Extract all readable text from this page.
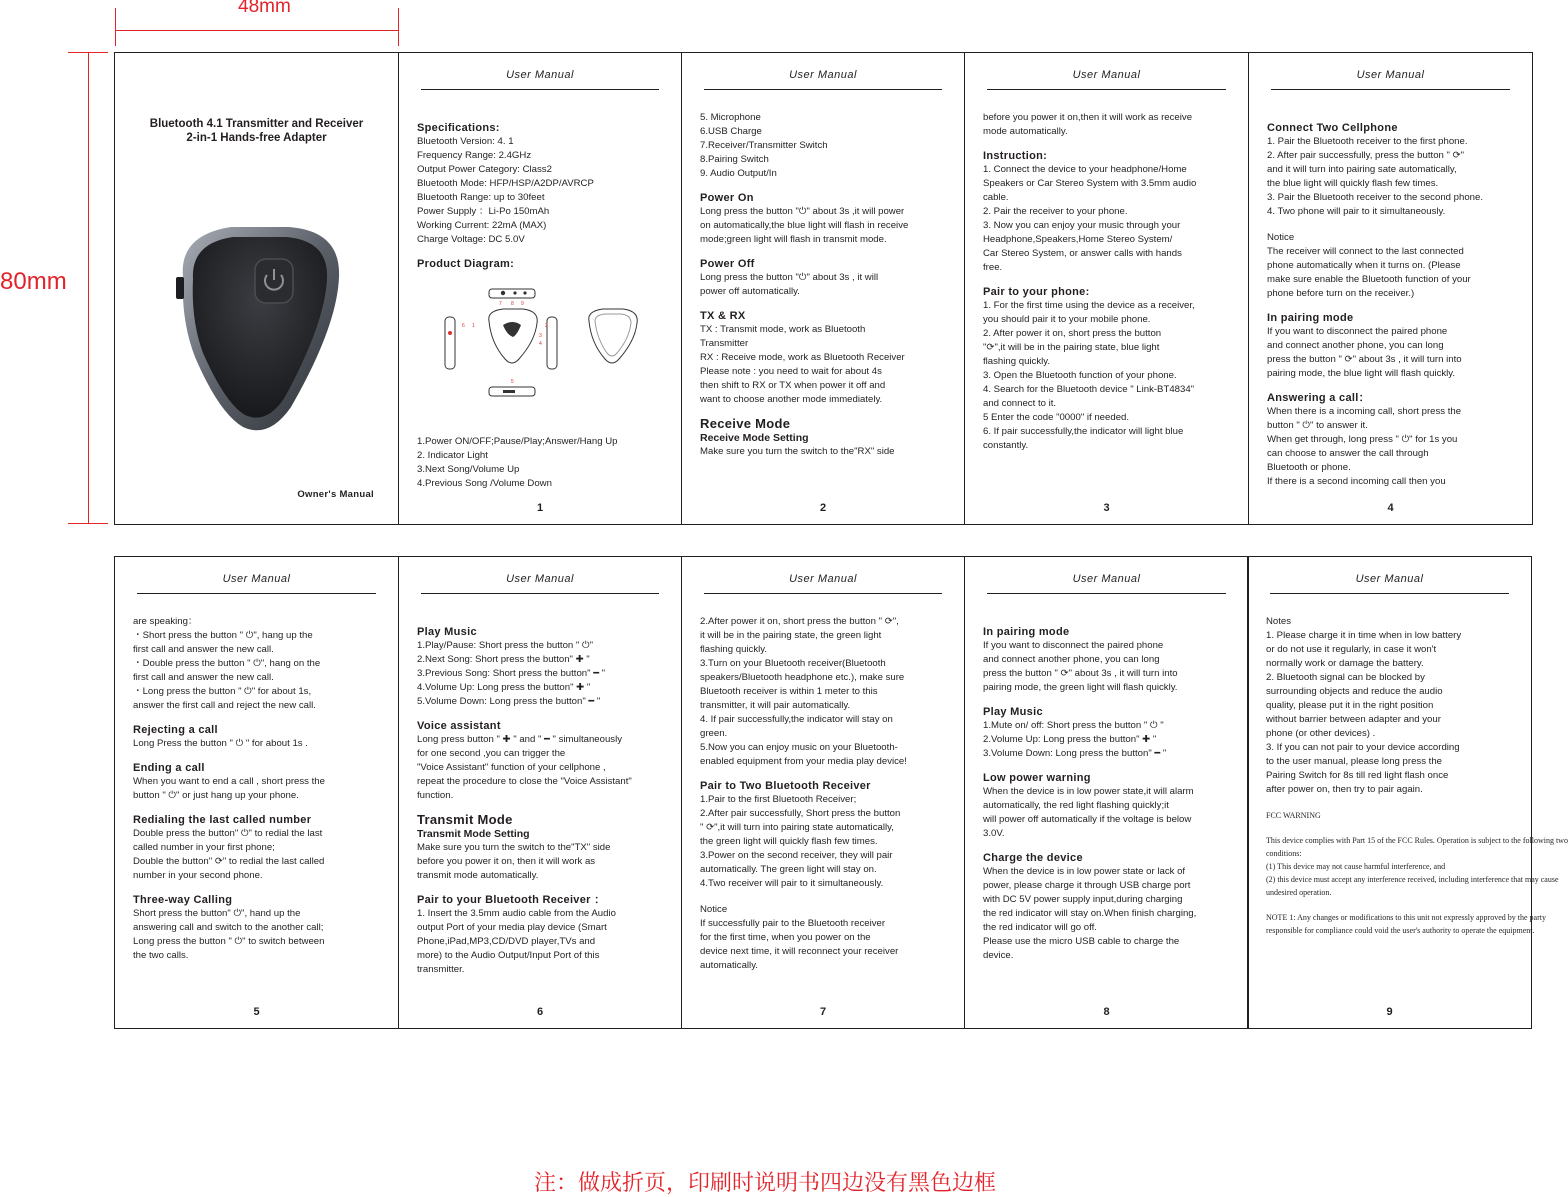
48mm
80mm
Bluetooth 4.1 Transmitter and Receiver
2-in-1 Hands-free Adapter
Owner's Manual
User Manual

Specifications:

Bluetooth Version: 4. 1

Frequency Range: 2.4GHz

Output Power Category: Class2

Bluetooth Mode: HFP/HSP/A2DP/AVRCP

Bluetooth Range: up to 30feet

Power Supply ：Li-Po 150mAh

Working Current: 22mA (MAX)

Charge Voltage: DC 5.0V

Product Diagram:

7 8 9
6 1	2
3
4
5

1.Power ON/OFF;Pause/Play;Answer/Hang Up

2. Indicator Light

3.Next Song/Volume Up

4.Previous Song /Volume Down

1
User Manual

5. Microphone

6.USB Charge

7.Receiver/Transmitter Switch

8.Pairing Switch

9. Audio Output/In

Power On

Long press the button "⏻" about 3s ,it will power

on automatically,the blue light will flash in receive

mode;green light will flash in transmit mode.

Power Off

Long press the button "⏻" about 3s , it will

power off automatically.

TX & RX

TX : Transmit mode, work as Bluetooth

Transmitter

RX : Receive mode, work as Bluetooth Receiver

Please note : you need to wait for about 4s

then shift to RX or TX when power it off and

want to choose another mode immediately.

Receive Mode

Receive Mode Setting

Make sure you turn the switch to the"RX" side

2
User Manual

before you power it on,then it will work as receive

mode automatically.

Instruction:

1. Connect the device to your headphone/Home

Speakers or Car Stereo System with 3.5mm audio

cable.

2. Pair the receiver to your phone.

3. Now you can enjoy your music through your

Headphone,Speakers,Home Stereo System/

Car Stereo System, or answer calls with hands

free.

Pair to your phone:

1. For the first time using the device as a receiver,

you should pair it to your mobile phone.

2. After power it on, short press the button

"⟳",it will be in the pairing state, blue light

flashing quickly.

3. Open the Bluetooth function of your phone.

4. Search for the Bluetooth device " Link-BT4834"

and connect to it.

5 Enter the code "0000" if needed.

6. If pair successfully,the indicator will light blue

constantly.

3
User Manual

Connect Two Cellphone

1. Pair the Bluetooth receiver to the first phone.

2. After pair successfully, press the button " ⟳"

and it will turn into pairing sate automatically,

the blue light will quickly flash few times.

3. Pair the Bluetooth receiver to the second phone.

4. Two phone will pair to it simultaneously.

Notice

The receiver will connect to the last connected

phone automatically when it turns on. (Please

make sure enable the Bluetooth function of your

phone before turn on the receiver.)

In pairing mode

If you want to disconnect the paired phone

and connect another phone, you can long

press the button " ⟳" about 3s , it will turn into

pairing mode, the blue light will flash quickly.

Answering a call：

When there is a incoming call, short press the

button " ⏻" to answer it.

When get through, long press " ⏻" for 1s you

can choose to answer the call through

Bluetooth or phone.

If there is a second incoming call then you

4
User Manual

are speaking：

・Short press the button " ⏻", hang up the

first call and answer the new call.

・Double press the button " ⏻", hang on the

first call and answer the new call.

・Long press the button " ⏻" for about 1s,

answer the first call and reject the new call.

Rejecting a call

Long Press the button " ⏻ " for about 1s .

Ending a call

When you want to end a call , short press the

button " ⏻" or just hang up your phone.

Redialing the last called number

Double press the button" ⏻" to redial the last

called number in your first phone;

Double the button" ⟳" to redial the last called

number in your second phone.

Three-way Calling

Short press the button" ⏻", hand up the

answering call and switch to the another call;

Long press the button " ⏻" to switch between

the two calls.

5
User Manual

Play Music

1.Play/Pause: Short press the button " ⏻"

2.Next Song: Short press the button" ✚ "

3.Previous Song: Short press the button" ━ "

4.Volume Up: Long press the button" ✚ "

5.Volume Down: Long press the button" ━ "

Voice assistant

Long press button " ✚ " and " ━ " simultaneously

for one second ,you can trigger the

"Voice Assistant" function of your cellphone ,

repeat the procedure to close the "Voice Assistant"

function.

Transmit Mode

Transmit Mode Setting

Make sure you turn the switch to the"TX" side

before you power it on, then it will work as

transmit mode automatically.

Pair to your Bluetooth Receiver ：

1. Insert the 3.5mm audio cable from the Audio

output Port of your media play device (Smart

Phone,iPad,MP3,CD/DVD player,TVs and

more) to the Audio Output/Input Port of this

transmitter.

6
User Manual

2.After power it on, short press the button " ⟳",

it will be in the pairing state, the green light

flashing quickly.

3.Turn on your Bluetooth receiver(Bluetooth

speakers/Bluetooth headphone etc.), make sure

Bluetooth receiver is within 1 meter to this

transmitter, it will pair automatically.

4. If pair successfully,the indicator will stay on

green.

5.Now you can enjoy music on your Bluetooth-

enabled equipment from your media play device!

Pair to Two Bluetooth Receiver

1.Pair to the first Bluetooth Receiver;

2.After pair successfully, Short press the button

" ⟳",it will turn into pairing state automatically,

the green light will quickly flash few times.

3.Power on the second receiver, they will pair

automatically. The green light will stay on.

4.Two receiver will pair to it simultaneously.

Notice

If successfully pair to the Bluetooth receiver

for the first time, when you power on the

device next time, it will reconnect your receiver

automatically.

7
User Manual

In pairing mode

If you want to disconnect the paired phone

and connect another phone, you can long

press the button " ⟳" about 3s , it will turn into

pairing mode, the green light will flash quickly.

Play Music

1.Mute on/ off: Short press the button " ⏻ "

2.Volume Up: Long press the button" ✚ "

3.Volume Down: Long press the button" ━ "

Low power warning

When the device is in low power state,it will alarm

automatically, the red light flashing quickly;it

will power off automatically if the voltage is below

3.0V.

Charge the device

When the device is in low power state or lack of

power, please charge it through USB charge port

with DC 5V power supply input,during charging

the red indicator will stay on.When finish charging,

the red indicator will go off.

Please use the micro USB cable to charge the

device.

8
User Manual

Notes

1. Please charge it in time when in low battery

or do not use it regularly, in case it won't

normally work or damage the battery.

2. Bluetooth signal can be blocked by

surrounding objects and reduce the audio

quality, please put it in the right position

without barrier between adapter and your

phone (or other devices) .

3. If you can not pair to your device according

to the user manual, please long press the

Pairing Switch for 8s till red light flash once

after power on, then try to pair again.

FCC WARNING

This device complies with Part 15 of the FCC Rules. Operation is subject to the following two

conditions:

(1) This device may not cause harmful interference, and

(2) this device must accept any interference received, including interference that may cause

undesired operation.

NOTE 1: Any changes or modifications to this unit not expressly approved by the party

responsible for compliance could void the user's authority to operate the equipment.

9
注：做成折页，印刷时说明书四边没有黑色边框
